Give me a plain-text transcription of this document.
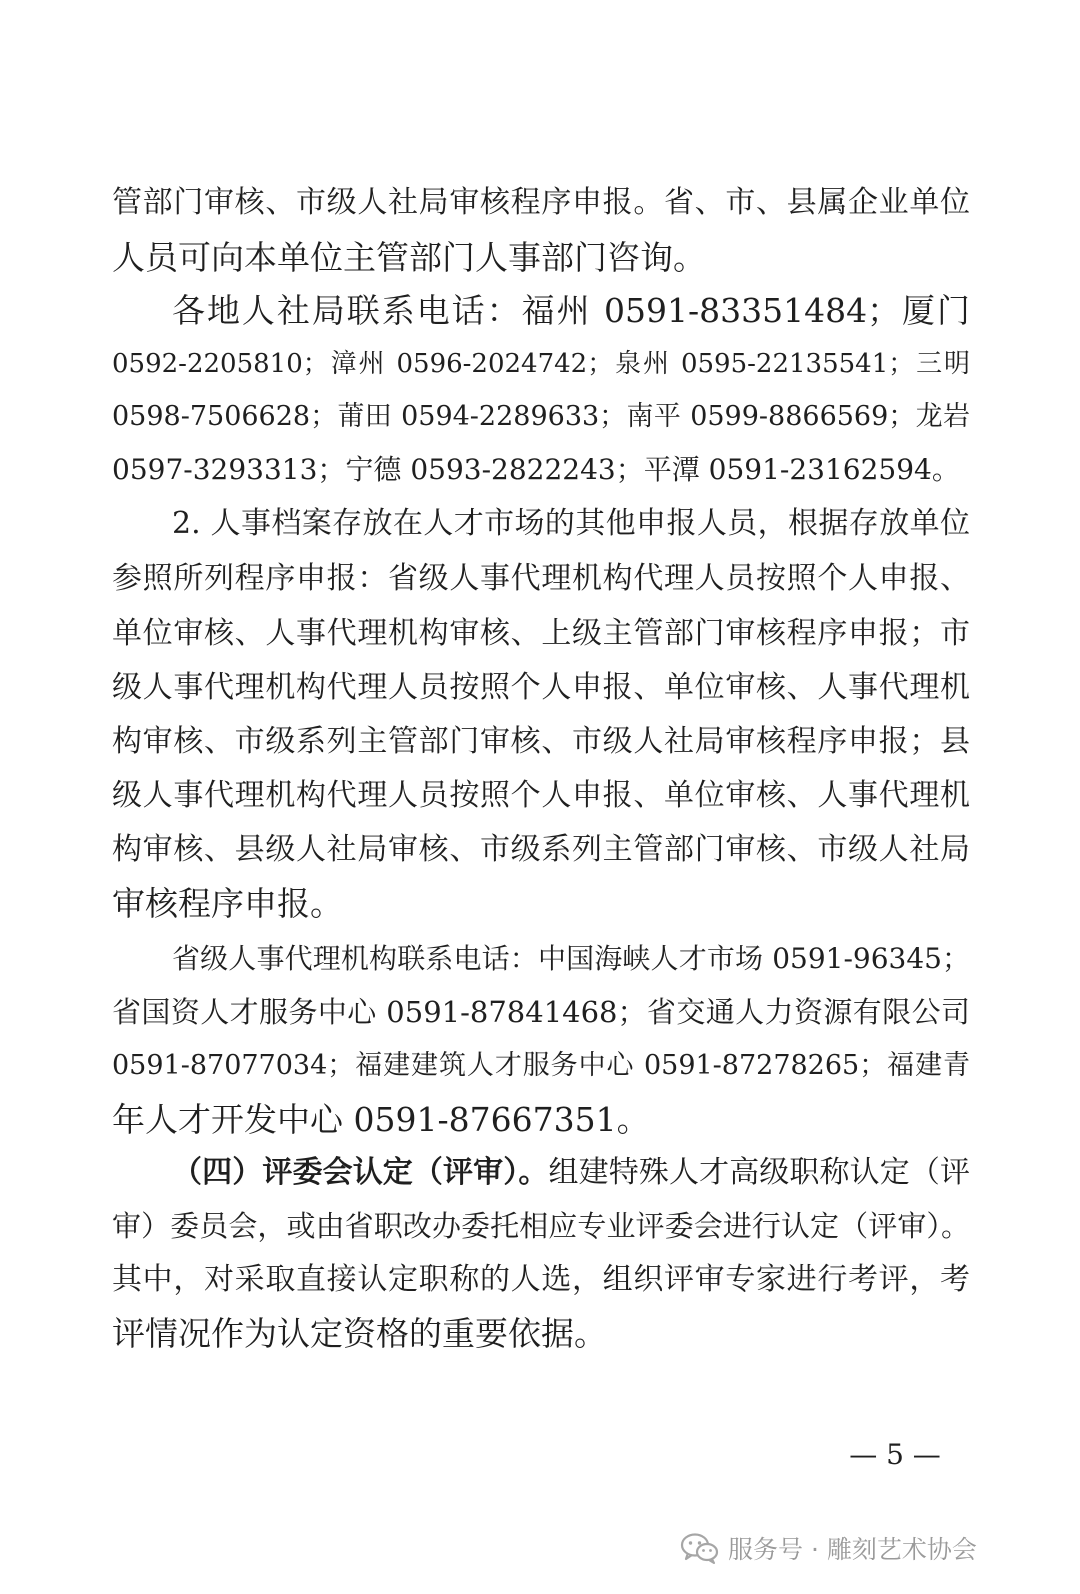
管部门审核、市级人社局审核程序申报。省、市、县属企业单位
人员可向本单位主管部门人事部门咨询。
各地人社局联系电话：福州 0591-83351484；厦门
0592-2205810；漳州 0596-2024742；泉州 0595-22135541；三明
0598-7506628；莆田 0594-2289633；南平 0599-8866569；龙岩
0597-3293313；宁德 0593-2822243；平潭 0591-23162594。
2. 人事档案存放在人才市场的其他申报人员，根据存放单位
参照所列程序申报：省级人事代理机构代理人员按照个人申报、
单位审核、人事代理机构审核、上级主管部门审核程序申报；市
级人事代理机构代理人员按照个人申报、单位审核、人事代理机
构审核、市级系列主管部门审核、市级人社局审核程序申报；县
级人事代理机构代理人员按照个人申报、单位审核、人事代理机
构审核、县级人社局审核、市级系列主管部门审核、市级人社局
审核程序申报。
省级人事代理机构联系电话：中国海峡人才市场 0591-96345；
省国资人才服务中心 0591-87841468；省交通人力资源有限公司
0591-87077034；福建建筑人才服务中心 0591-87278265；福建青
年人才开发中心 0591-87667351。
（四）评委会认定（评审）。组建特殊人才高级职称认定（评
审）委员会，或由省职改办委托相应专业评委会进行认定（评审）。
其中，对采取直接认定职称的人选，组织评审专家进行考评，考
评情况作为认定资格的重要依据。
— 5 —
服务号 · 雕刻艺术协会
